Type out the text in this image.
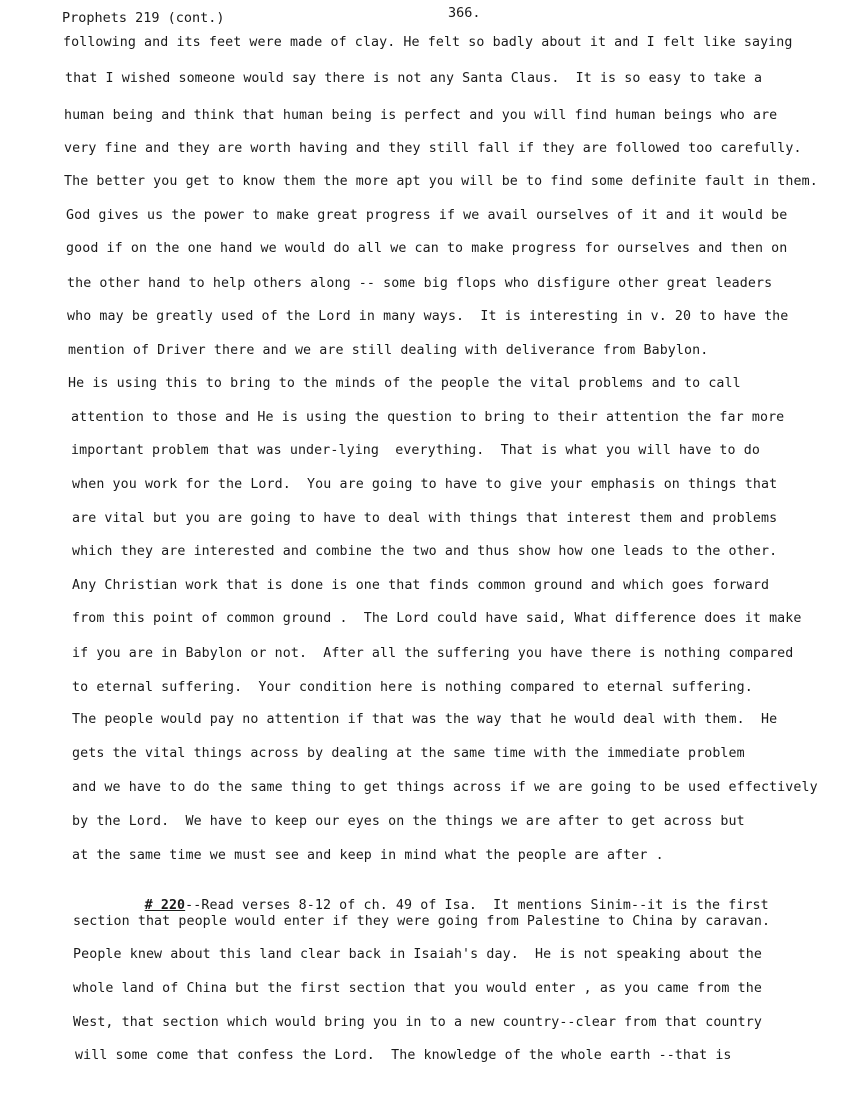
Prophets 219 (cont.)	366.
following and its feet were made of clay. He felt so badly about it and I felt like saying
that I wished someone would say there is not any Santa Claus.  It is so easy to take a
human being and think that human being is perfect and you will find human beings who are
very fine and they are worth having and they still fall if they are followed too carefully.
The better you get to know them the more apt you will be to find some definite fault in them.
God gives us the power to make great progress if we avail ourselves of it and it would be
good if on the one hand we would do all we can to make progress for ourselves and then on
the other hand to help others along -- some big flops who disfigure other great leaders
who may be greatly used of the Lord in many ways.  It is interesting in v. 20 to have the
mention of Driver there and we are still dealing with deliverance from Babylon.
He is using this to bring to the minds of the people the vital problems and to call
attention to those and He is using the question to bring to their attention the far more
important problem that was under-lying  everything.  That is what you will have to do
when you work for the Lord.  You are going to have to give your emphasis on things that
are vital but you are going to have to deal with things that interest them and problems
which they are interested and combine the two and thus show how one leads to the other.
Any Christian work that is done is one that finds common ground and which goes forward
from this point of common ground .  The Lord could have said, What difference does it make
if you are in Babylon or not.  After all the suffering you have there is nothing compared
to eternal suffering.  Your condition here is nothing compared to eternal suffering.
The people would pay no attention if that was the way that he would deal with them.  He
gets the vital things across by dealing at the same time with the immediate problem
and we have to do the same thing to get things across if we are going to be used effectively
by the Lord.  We have to keep our eyes on the things we are after to get across but
at the same time we must see and keep in mind what the people are after .

# 220--Read verses 8-12 of ch. 49 of Isa.  It mentions Sinim--it is the first

section that people would enter if they were going from Palestine to China by caravan.
People knew about this land clear back in Isaiah's day.  He is not speaking about the
whole land of China but the first section that you would enter , as you came from the
West, that section which would bring you in to a new country--clear from that country
will some come that confess the Lord.  The knowledge of the whole earth --that is
